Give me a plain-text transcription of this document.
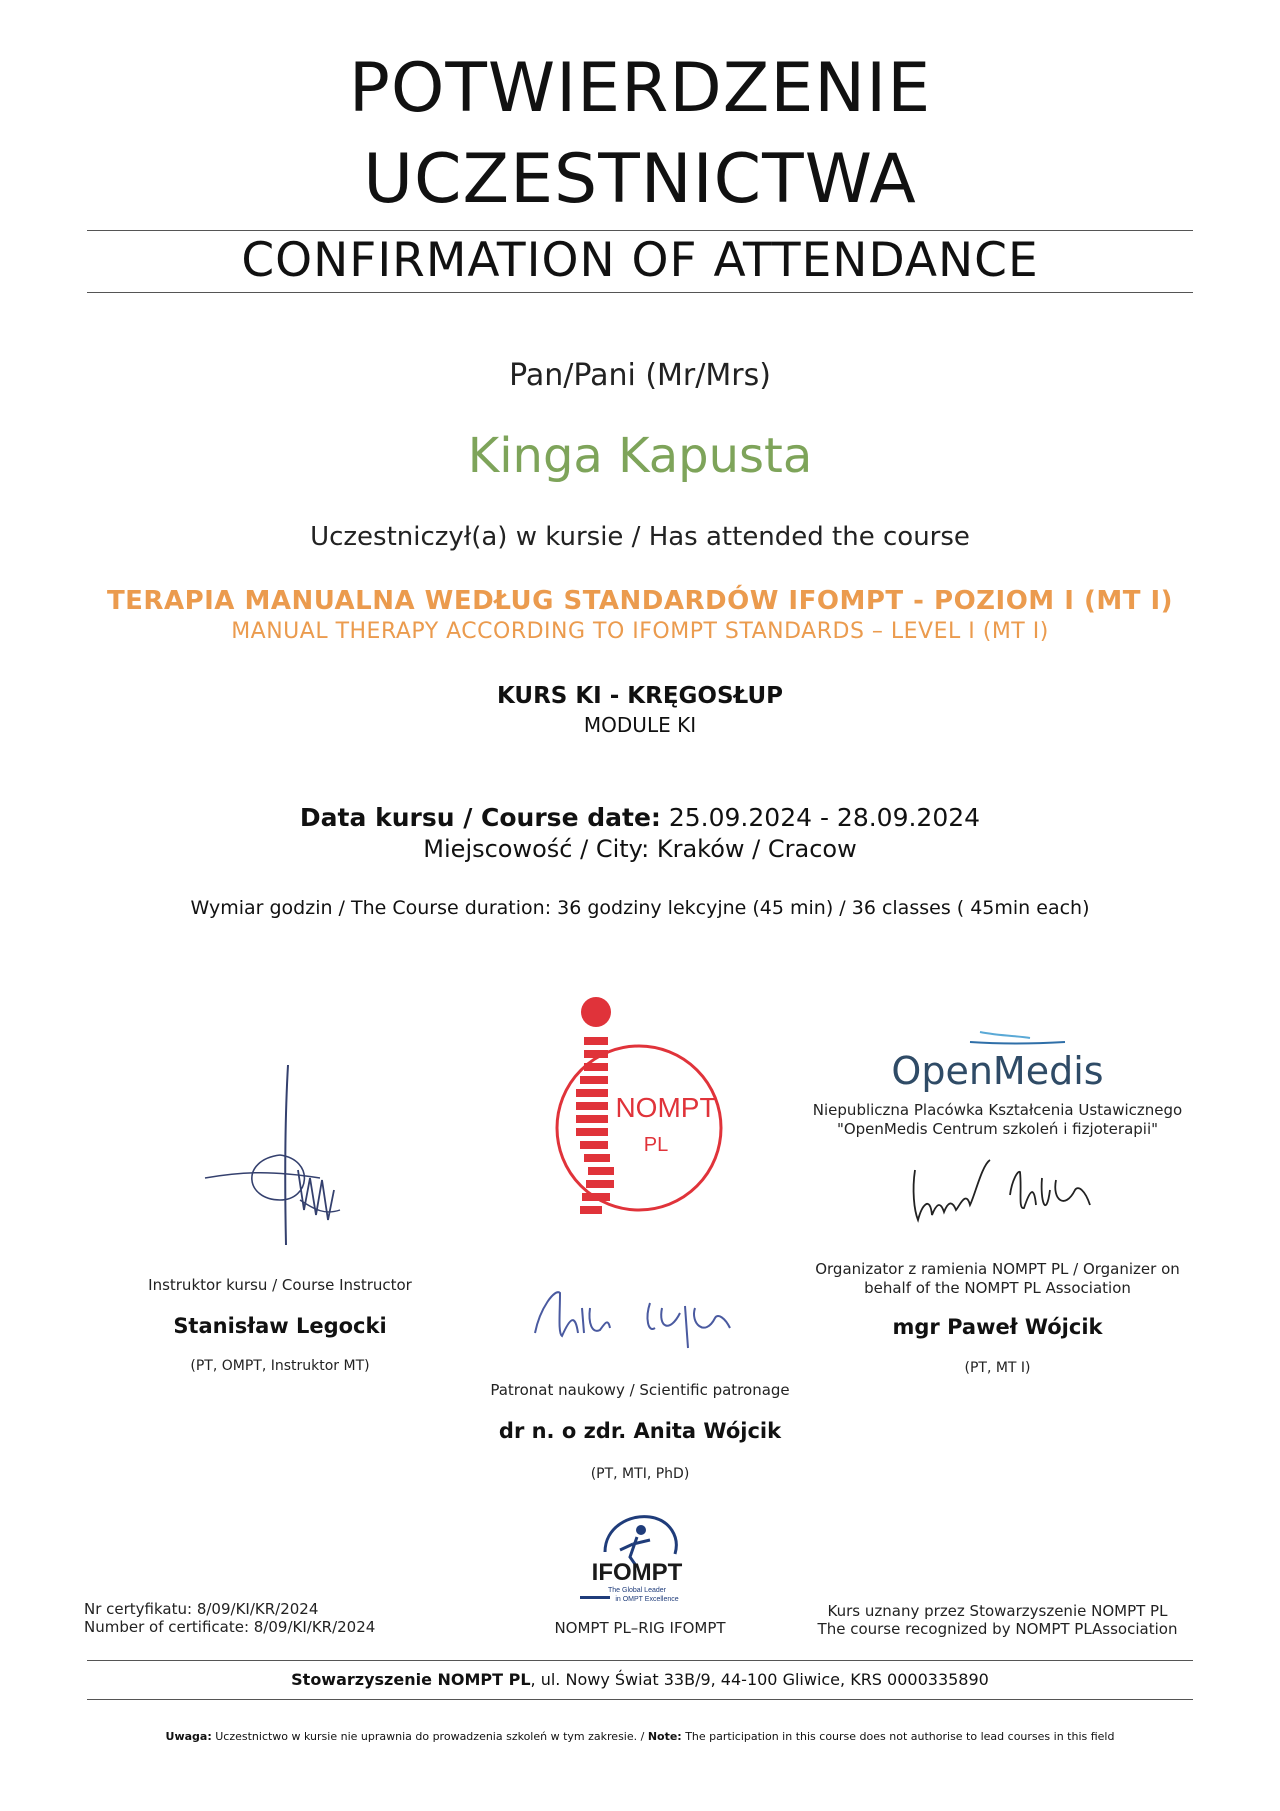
POTWIERDZENIE
UCZESTNICTWA
CONFIRMATION OF ATTENDANCE
Pan/Pani (Mr/Mrs)
Kinga Kapusta
Uczestniczył(a) w kursie / Has attended the course
TERAPIA MANUALNA WEDŁUG STANDARDÓW IFOMPT - POZIOM I (MT I)
MANUAL THERAPY ACCORDING TO IFOMPT STANDARDS – LEVEL I (MT I)
KURS KI - KRĘGOSŁUP
MODULE KI
Data kursu / Course date: 25.09.2024 - 28.09.2024
Miejscowość / City: Kraków / Cracow
Wymiar godzin / The Course duration: 36 godziny lekcyjne (45 min) / 36 classes ( 45min each)
Instruktor kursu / Course Instructor
Stanisław Legocki
(PT, OMPT, Instruktor MT)
NOMPT
PL
Patronat naukowy / Scientific patronage
dr n. o zdr. Anita Wójcik
(PT, MTI, PhD)
OpenMedis
Niepubliczna Placówka Kształcenia Ustawicznego
"OpenMedis Centrum szkoleń i fizjoterapii"
Organizator z ramienia NOMPT PL / Organizer on
behalf of the NOMPT PL Association
mgr Paweł Wójcik
(PT, MT I)
Nr certyfikatu: 8/09/KI/KR/2024
Number of certificate: 8/09/KI/KR/2024
IFOMPT
The Global Leader
in OMPT Excellence
NOMPT PL–RIG IFOMPT
Kurs uznany przez Stowarzyszenie NOMPT PL
The course recognized by NOMPT PLAssociation
Stowarzyszenie NOMPT PL, ul. Nowy Świat 33B/9, 44-100 Gliwice, KRS 0000335890
Uwaga: Uczestnictwo w kursie nie uprawnia do prowadzenia szkoleń w tym zakresie. / Note: The participation in this course does not authorise to lead courses in this field
